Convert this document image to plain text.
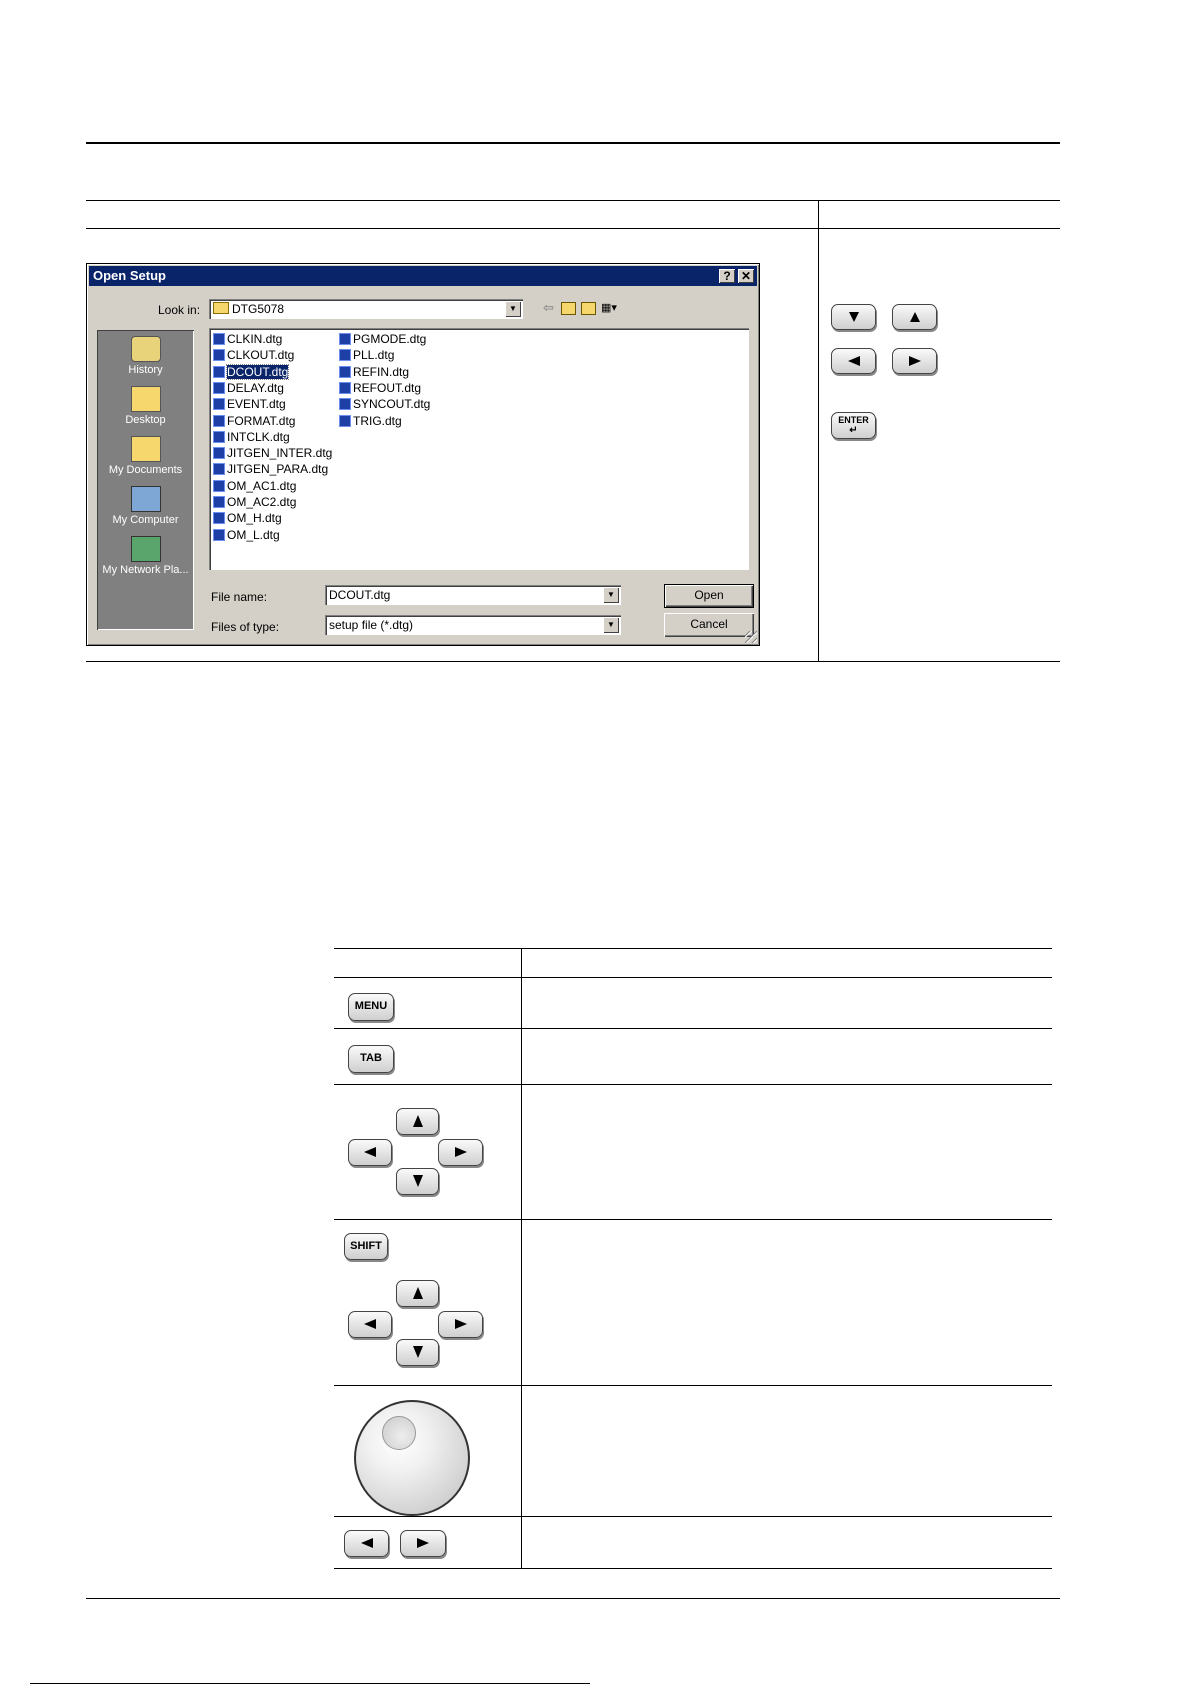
Open Setup	? ✕
Look in:	DTG5078	▼	⇦	▦▾
History
Desktop
My Documents
My Computer
My Network Pla...
CLKIN.dtg
CLKOUT.dtg
DCOUT.dtg
DELAY.dtg
EVENT.dtg
FORMAT.dtg
INTCLK.dtg
JITGEN_INTER.dtg
JITGEN_PARA.dtg
OM_AC1.dtg
OM_AC2.dtg
OM_H.dtg
OM_L.dtg
PGMODE.dtg
PLL.dtg
REFIN.dtg
REFOUT.dtg
SYNCOUT.dtg
TRIG.dtg
File name:	DCOUT.dtg	▼
Files of type:	setup file (*.dtg)	▼
Open
Cancel
ENTER
↵
MENU
TAB
SHIFT
